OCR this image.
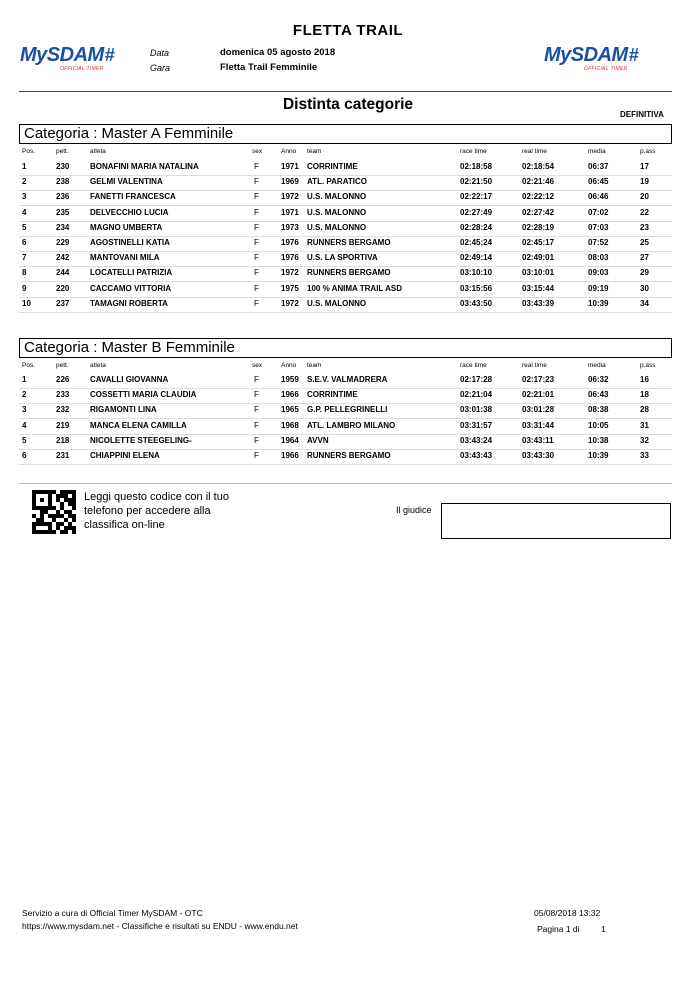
FLETTA TRAIL
MySDAM #
OFFICIAL TIMER
Data
Gara
domenica 05 agosto 2018
Fletta Trail Femminile
MySDAM #
OFFICIAL TIMER
Distinta categorie
DEFINITIVA
Categoria : Master A Femminile
Pos.	pett.	atleta	sex	Anno team	race time	real time	media	p.ass
1	230	BONAFINI MARIA NATALINA	F	1971 CORRINTIME	02:18:58	02:18:54	06:37	17
2	238	GELMI VALENTINA	F	1969 ATL. PARATICO	02:21:50	02:21:46	06:45	19
3	236	FANETTI FRANCESCA	F	1972 U.S. MALONNO	02:22:17	02:22:12	06:46	20
4	235	DELVECCHIO LUCIA	F	1971 U.S. MALONNO	02:27:49	02:27:42	07:02	22
5	234	MAGNO UMBERTA	F	1973 U.S. MALONNO	02:28:24	02:28:19	07:03	23
6	229	AGOSTINELLI KATIA	F	1976 RUNNERS BERGAMO	02:45:24	02:45:17	07:52	25
7	242	MANTOVANI MILA	F	1976 U.S. LA SPORTIVA	02:49:14	02:49:01	08:03	27
8	244	LOCATELLI PATRIZIA	F	1972 RUNNERS BERGAMO	03:10:10	03:10:01	09:03	29
9	220	CACCAMO VITTORIA	F	1975 100 % ANIMA TRAIL ASD	03:15:56	03:15:44	09:19	30
10	237	TAMAGNI ROBERTA	F	1972 U.S. MALONNO	03:43:50	03:43:39	10:39	34
Categoria : Master B Femminile
Pos.	pett.	atleta	sex	Anno team	race time	real time	media	p.ass
1	226	CAVALLI GIOVANNA	F	1959 S.E.V. VALMADRERA	02:17:28	02:17:23	06:32	16
2	233	COSSETTI MARIA CLAUDIA	F	1966 CORRINTIME	02:21:04	02:21:01	06:43	18
3	232	RIGAMONTI LINA	F	1965 G.P. PELLEGRINELLI	03:01:38	03:01:28	08:38	28
4	219	MANCA ELENA CAMILLA	F	1968 ATL. LAMBRO MILANO	03:31:57	03:31:44	10:05	31
5	218	NICOLETTE STEEGELING-	F	1964 AVVN	03:43:24	03:43:11	10:38	32
6	231	CHIAPPINI ELENA	F	1966 RUNNERS BERGAMO	03:43:43	03:43:30	10:39	33
Leggi questo codice con il tuo
telefono per accedere alla
classifica on-line
Il giudice
Servizio a cura di Official Timer MySDAM - OTC
https://www.mysdam.net - Classifiche e risultati su ENDU - www.endu.net
05/08/2018 13:32
Pagina 1 di	1
